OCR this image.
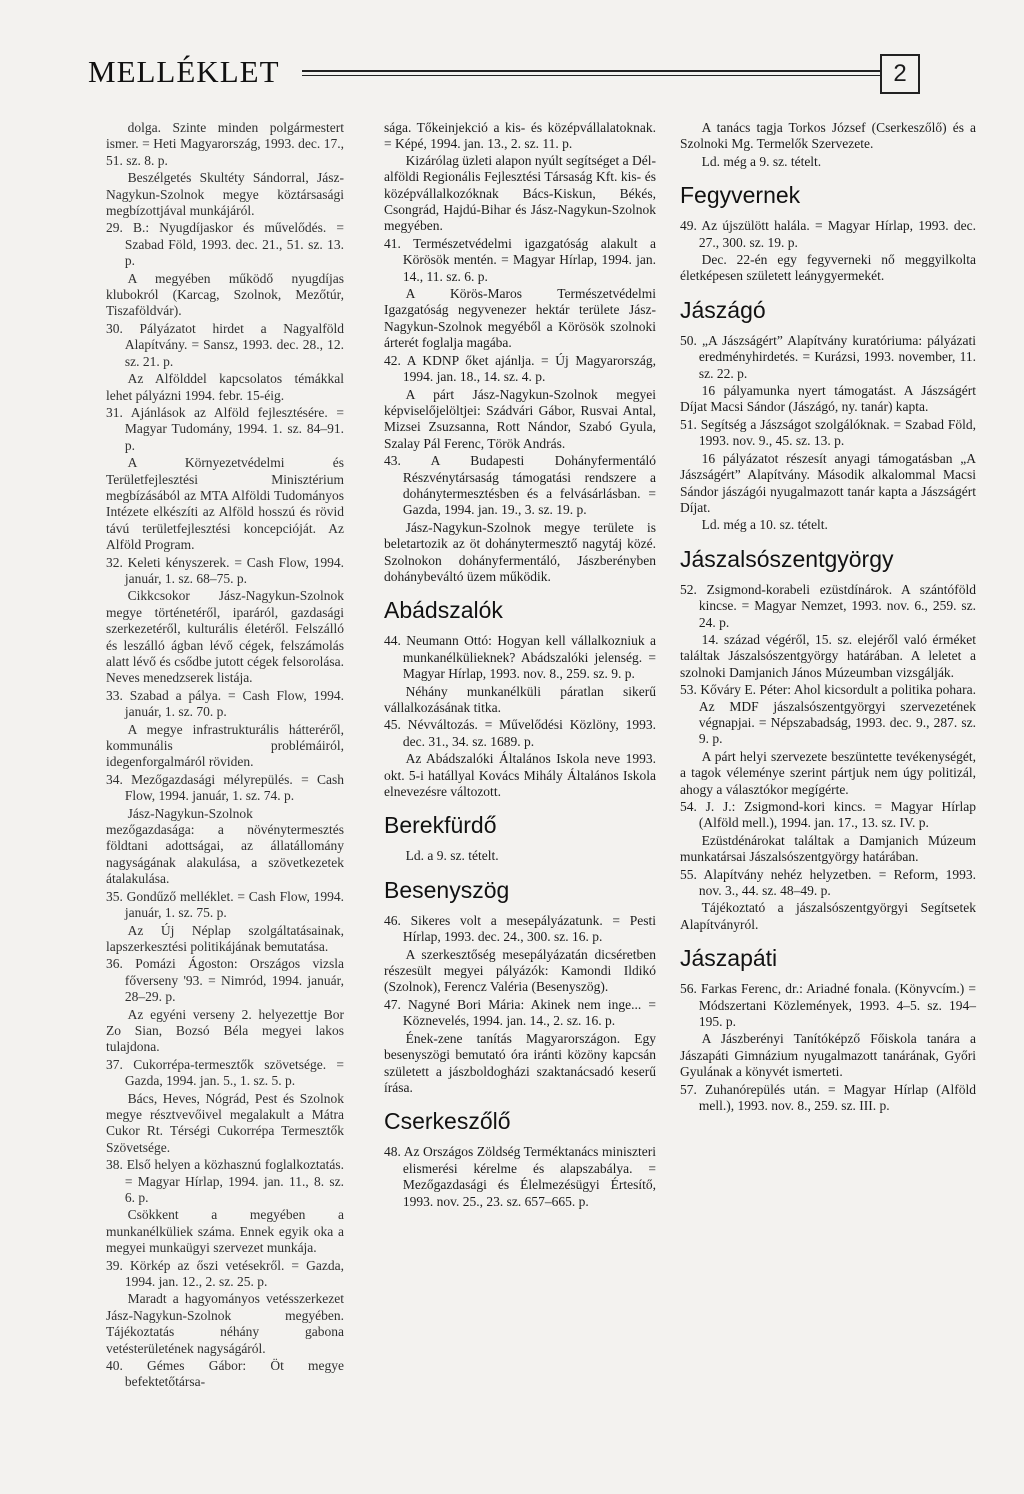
MELLÉKLET	2

dolga. Szinte minden polgármestert ismer. = Heti Magyarország, 1993. dec. 17., 51. sz. 8. p.

Beszélgetés Skultéty Sándorral, Jász-Nagykun-Szolnok megye köztársasági megbízottjával munkájáról.

29. B.: Nyugdíjaskor és művelődés. = Szabad Föld, 1993. dec. 21., 51. sz. 13. p.

A megyében működő nyugdíjas klubokról (Karcag, Szolnok, Mezőtúr, Tiszaföldvár).

30. Pályázatot hirdet a Nagyalföld Alapítvány. = Sansz, 1993. dec. 28., 12. sz. 21. p.

Az Alfölddel kapcsolatos témákkal lehet pályázni 1994. febr. 15-éig.

31. Ajánlások az Alföld fejlesztésére. = Magyar Tudomány, 1994. 1. sz. 84–91. p.

A Környezetvédelmi és Területfejlesztési Minisztérium megbízásából az MTA Alföldi Tudományos Intézete elkészíti az Alföld hosszú és rövid távú területfejlesztési koncepcióját. Az Alföld Program.

32. Keleti kényszerek. = Cash Flow, 1994. január, 1. sz. 68–75. p.

Cikkcsokor Jász-Nagykun-Szolnok megye történetéről, iparáról, gazdasági szerkezetéről, kulturális életéről. Felszálló és leszálló ágban lévő cégek, felszámolás alatt lévő és csődbe jutott cégek felsorolása. Neves menedzserek listája.

33. Szabad a pálya. = Cash Flow, 1994. január, 1. sz. 70. p.

A megye infrastrukturális hátteréről, kommunális problémáiról, idegenforgalmáról röviden.

34. Mezőgazdasági mélyrepülés. = Cash Flow, 1994. január, 1. sz. 74. p.

Jász-Nagykun-Szolnok mezőgazdasága: a növénytermesztés földtani adottságai, az állatállomány nagyságának alakulása, a szövetkezetek átalakulása.

35. Gondűző melléklet. = Cash Flow, 1994. január, 1. sz. 75. p.

Az Új Néplap szolgáltatásainak, lapszerkesztési politikájának bemutatása.

36. Pomázi Ágoston: Országos vizsla főverseny '93. = Nimród, 1994. január, 28–29. p.

Az egyéni verseny 2. helyezettje Bor Zo Sian, Bozsó Béla megyei lakos tulajdona.

37. Cukorrépa-termesztők szövetsége. = Gazda, 1994. jan. 5., 1. sz. 5. p.

Bács, Heves, Nógrád, Pest és Szolnok megye résztvevőivel megalakult a Mátra Cukor Rt. Térségi Cukorrépa Termesztők Szövetsége.

38. Első helyen a közhasznú foglalkoztatás. = Magyar Hírlap, 1994. jan. 11., 8. sz. 6. p.

Csökkent a megyében a munkanélküliek száma. Ennek egyik oka a megyei munkaügyi szervezet munkája.

39. Körkép az őszi vetésekről. = Gazda, 1994. jan. 12., 2. sz. 25. p.

Maradt a hagyományos vetésszerkezet Jász-Nagykun-Szolnok megyében. Tájékoztatás néhány gabona vetésterületének nagyságáról.

40. Gémes Gábor: Öt megye befektetőtársa-

sága. Tőkeinjekció a kis- és középvállalatoknak. = Képé, 1994. jan. 13., 2. sz. 11. p.

Kizárólag üzleti alapon nyúlt segítséget a Dél-alföldi Regionális Fejlesztési Társaság Kft. kis- és középvállalkozóknak Bács-Kiskun, Békés, Csongrád, Hajdú-Bihar és Jász-Nagykun-Szolnok megyében.

41. Természetvédelmi igazgatóság alakult a Körösök mentén. = Magyar Hírlap, 1994. jan. 14., 11. sz. 6. p.

A Körös-Maros Természetvédelmi Igazgatóság negyvenezer hektár területe Jász-Nagykun-Szolnok megyéből a Körösök szolnoki árterét foglalja magába.

42. A KDNP őket ajánlja. = Új Magyarország, 1994. jan. 18., 14. sz. 4. p.

A párt Jász-Nagykun-Szolnok megyei képviselőjelöltjei: Szádvári Gábor, Rusvai Antal, Mizsei Zsuzsanna, Rott Nándor, Szabó Gyula, Szalay Pál Ferenc, Török András.

43. A Budapesti Dohányfermentáló Részvénytársaság támogatási rendszere a dohánytermesztésben és a felvásárlásban. = Gazda, 1994. jan. 19., 3. sz. 19. p.

Jász-Nagykun-Szolnok megye területe is beletartozik az öt dohánytermesztő nagytáj közé. Szolnokon dohányfermentáló, Jászberényben dohánybeváltó üzem működik.

Abádszalók

44. Neumann Ottó: Hogyan kell vállalkozniuk a munkanélkülieknek? Abádszalóki jelenség. = Magyar Hírlap, 1993. nov. 8., 259. sz. 9. p.

Néhány munkanélküli páratlan sikerű vállalkozásának titka.

45. Névváltozás. = Művelődési Közlöny, 1993. dec. 31., 34. sz. 1689. p.

Az Abádszalóki Általános Iskola neve 1993. okt. 5-i hatállyal Kovács Mihály Általános Iskola elnevezésre változott.

Berekfürdő

Ld. a 9. sz. tételt.

Besenyszög

46. Sikeres volt a mesepályázatunk. = Pesti Hírlap, 1993. dec. 24., 300. sz. 16. p.

A szerkesztőség mesepályázatán dicséretben részesült megyei pályázók: Kamondi Ildikó (Szolnok), Ferencz Valéria (Besenyszög).

47. Nagyné Bori Mária: Akinek nem inge... = Köznevelés, 1994. jan. 14., 2. sz. 16. p.

Ének-zene tanítás Magyarországon. Egy besenyszögi bemutató óra iránti közöny kapcsán született a jászboldogházi szaktanácsadó keserű írása.

Cserkeszőlő

48. Az Országos Zöldség Terméktanács miniszteri elismerési kérelme és alapszabálya. = Mezőgazdasági és Élelmezésügyi Értesítő, 1993. nov. 25., 23. sz. 657–665. p.

A tanács tagja Torkos József (Cserkeszőlő) és a Szolnoki Mg. Termelők Szervezete.

Ld. még a 9. sz. tételt.

Fegyvernek

49. Az újszülött halála. = Magyar Hírlap, 1993. dec. 27., 300. sz. 19. p.

Dec. 22-én egy fegyverneki nő meggyilkolta életképesen született leánygyermekét.

Jászágó

50. „A Jászságért” Alapítvány kuratóriuma: pályázati eredményhirdetés. = Kurázsi, 1993. november, 11. sz. 22. p.

16 pályamunka nyert támogatást. A Jászságért Díjat Macsi Sándor (Jászágó, ny. tanár) kapta.

51. Segítség a Jászságot szolgálóknak. = Szabad Föld, 1993. nov. 9., 45. sz. 13. p.

16 pályázatot részesít anyagi támogatásban „A Jászságért” Alapítvány. Második alkalommal Macsi Sándor jászágói nyugalmazott tanár kapta a Jászságért Díjat.

Ld. még a 10. sz. tételt.

Jászalsószentgyörgy

52. Zsigmond-korabeli ezüstdínárok. A szántóföld kincse. = Magyar Nemzet, 1993. nov. 6., 259. sz. 24. p.

14. század végéről, 15. sz. elejéről való érméket találtak Jászalsószentgyörgy határában. A leletet a szolnoki Damjanich János Múzeumban vizsgálják.

53. Kőváry E. Péter: Ahol kicsordult a politika pohara. Az MDF jászalsószentgyörgyi szervezetének végnapjai. = Népszabadság, 1993. dec. 9., 287. sz. 9. p.

A párt helyi szervezete beszüntette tevékenységét, a tagok véleménye szerint pártjuk nem úgy politizál, ahogy a választókor megígérte.

54. J. J.: Zsigmond-kori kincs. = Magyar Hírlap (Alföld mell.), 1994. jan. 17., 13. sz. IV. p.

Ezüstdénárokat találtak a Damjanich Múzeum munkatársai Jászalsószentgyörgy határában.

55. Alapítvány nehéz helyzetben. = Reform, 1993. nov. 3., 44. sz. 48–49. p.

Tájékoztató a jászalsószentgyörgyi Segítsetek Alapítványról.

Jászapáti

56. Farkas Ferenc, dr.: Ariadné fonala. (Könyvcím.) = Módszertani Közlemények, 1993. 4–5. sz. 194–195. p.

A Jászberényi Tanítóképző Főiskola tanára a Jászapáti Gimnázium nyugalmazott tanárának, Győri Gyulának a könyvét ismerteti.

57. Zuhanórepülés után. = Magyar Hírlap (Alföld mell.), 1993. nov. 8., 259. sz. III. p.
